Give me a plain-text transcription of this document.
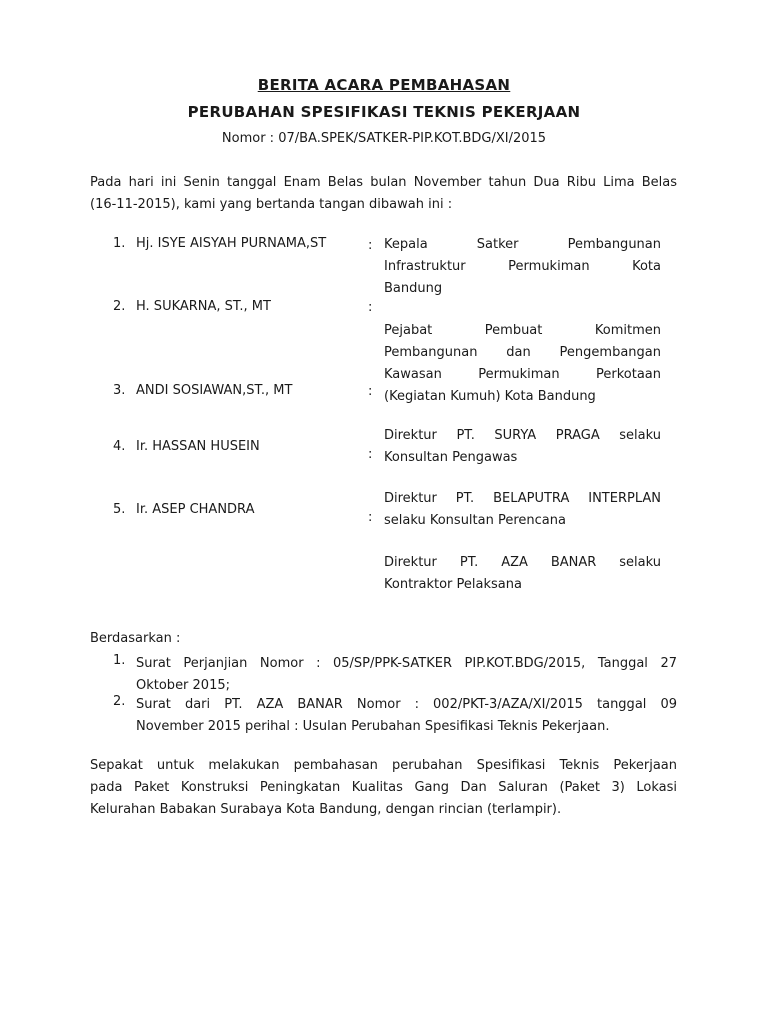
BERITA ACARA PEMBAHASAN
PERUBAHAN SPESIFIKASI TEKNIS PEKERJAAN
Nomor : 07/BA.SPEK/SATKER-PIP.KOT.BDG/XI/2015
Pada hari ini Senin tanggal Enam Belas bulan November tahun Dua Ribu Lima Belas
(16-11-2015), kami yang bertanda tangan dibawah ini :
1. Hj. ISYE AISYAH PURNAMA,ST
2. H. SUKARNA, ST., MT
3. ANDI SOSIAWAN,ST., MT
4. Ir. HASSAN HUSEIN
5. Ir. ASEP CHANDRA
:
:
:
:
:
Kepala Satker Pembangunan
Infrastruktur Permukiman Kota
Bandung
Pejabat Pembuat Komitmen
Pembangunan dan Pengembangan
Kawasan Permukiman Perkotaan
(Kegiatan Kumuh) Kota Bandung
Direktur PT. SURYA PRAGA selaku
Konsultan Pengawas
Direktur PT. BELAPUTRA INTERPLAN
selaku Konsultan Perencana
Direktur PT. AZA BANAR selaku
Kontraktor Pelaksana
Berdasarkan :
1. Surat Perjanjian Nomor : 05/SP/PPK-SATKER PIP.KOT.BDG/2015, Tanggal 27
Oktober 2015;
2. Surat dari PT. AZA BANAR Nomor : 002/PKT-3/AZA/XI/2015 tanggal 09
November 2015 perihal : Usulan Perubahan Spesifikasi Teknis Pekerjaan.
Sepakat untuk melakukan pembahasan perubahan Spesifikasi Teknis Pekerjaan
pada Paket Konstruksi Peningkatan Kualitas Gang Dan Saluran (Paket 3) Lokasi
Kelurahan Babakan Surabaya Kota Bandung, dengan rincian (terlampir).
